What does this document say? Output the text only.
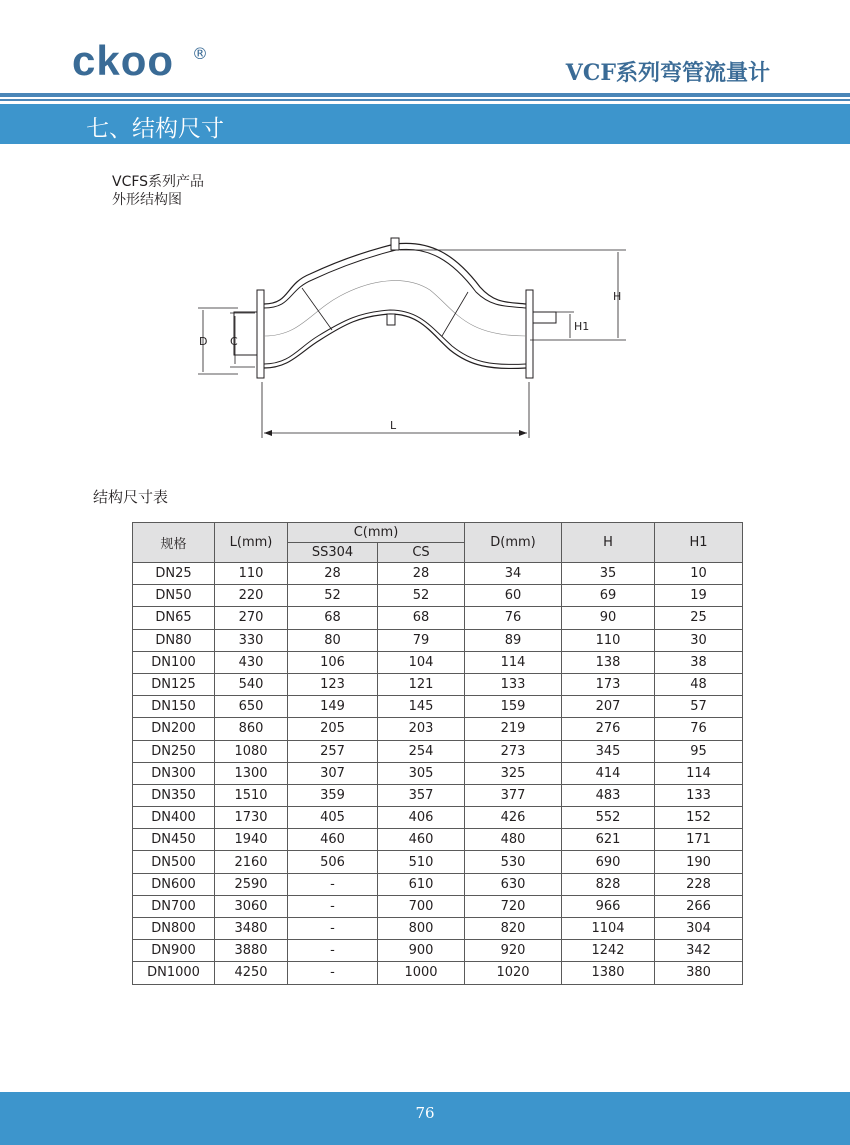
ckoo ®
VCF系列弯管流量计
七、结构尺寸
VCFS系列产品
外形结构图
D C
H
H1
L
结构尺寸表
规格	L(mm)	C(mm)		D(mm)	H	H1
		SS304	CS			
DN25	110	28	28	34	35	10
DN50	220	52	52	60	69	19
DN65	270	68	68	76	90	25
DN80	330	80	79	89	110	30
DN100	430	106	104	114	138	38
DN125	540	123	121	133	173	48
DN150	650	149	145	159	207	57
DN200	860	205	203	219	276	76
DN250	1080	257	254	273	345	95
DN300	1300	307	305	325	414	114
DN350	1510	359	357	377	483	133
DN400	1730	405	406	426	552	152
DN450	1940	460	460	480	621	171
DN500	2160	506	510	530	690	190
DN600	2590	-	610	630	828	228
DN700	3060	-	700	720	966	266
DN800	3480	-	800	820	1104	304
DN900	3880	-	900	920	1242	342
DN1000	4250	-	1000	1020	1380	380
76
